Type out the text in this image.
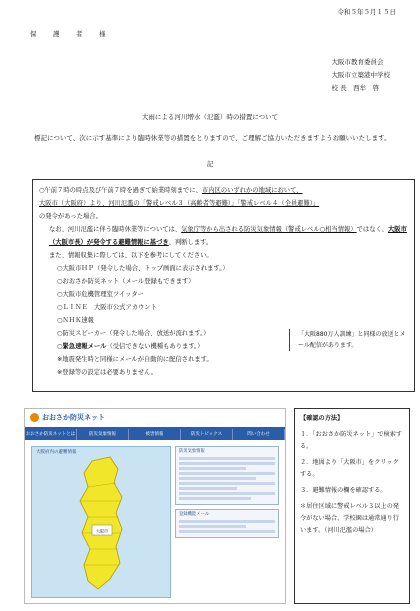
令和５年５月１５日
保　護　者　様
大阪市教育委員会
大阪市立築港中学校
校 長　西牟　啓
大雨による河川増水（氾濫）時の措置について
標記について、次に示す基準により臨時休業等の措置をとりますので、ご理解ご協力いただきますようお願いいたします。
記

○午前７時の時点及び午前７時を過ぎて始業時刻までに、市内区のいずれかの地域において、
大阪市（大阪府）より、河川氾濫の「警戒レベル３（高齢者等避難）」「警戒レベル４（全員避難）」
の発令があった場合。

なお、河川氾濫に伴う臨時休業等については、気象庁等から出される防災気象情報（警戒レベル○相当情報）ではなく、大阪市（大阪市長）が発令する避難情報に基づき、判断します。

また、情報収集に際しては、以下を参考にしてください。

○大阪市ＨＰ（発令した場合、トップ画面に表示されます。）
○おおさか防災ネット（メール登録もできます）
○大阪市危機管理室ツイッター
○ＬＩＮＥ　大阪市公式アカウント
○ＮＨＫ速報
○防災スピーカー（発令した場合、放送が流れます。）
○緊急速報メール（受信できない機種もあります。）
「大阪880万人訓練」と同様の放送とメール配信があります。
※地震発生時と同様にメールが自動的に配信されます。
※登録等の設定は必要ありません。
おおさか防災ネット
おおさか防災ネットとは	防災気象情報	被害情報	防災トピックス	問い合わせ
大阪府内の避難情報
大阪市
防災気象情報
登録機能メール

【確認の方法】

１．「おおさか防災ネット」で検索する。

２．地図より「大阪市」をクリックする。

３．避難情報の欄を確認する。

＊居住区域に警戒レベル３以上の発令がない場合、学校園は通常通り行います。（河川氾濫の場合）
